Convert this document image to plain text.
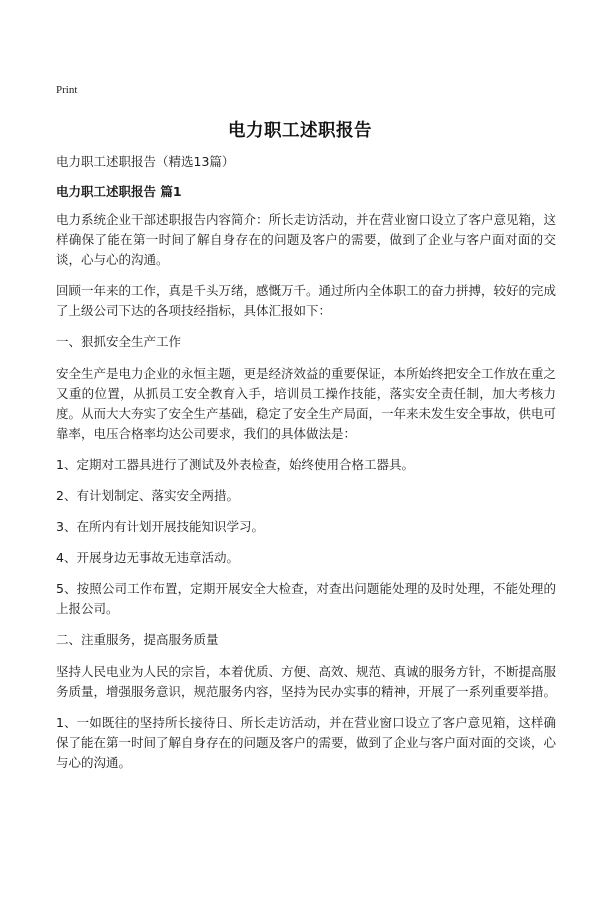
Print
电力职工述职报告
电力职工述职报告（精选13篇）
电力职工述职报告 篇1

电力系统企业干部述职报告内容简介：所长走访活动，并在营业窗口设立了客户意见箱，这样确保了能在第一时间了解自身存在的问题及客户的需要，做到了企业与客户面对面的交谈，心与心的沟通。

回顾一年来的工作，真是千头万绪，感慨万千。通过所内全体职工的奋力拼搏，较好的完成了上级公司下达的各项技经指标，具体汇报如下：

一、狠抓安全生产工作

安全生产是电力企业的永恒主题，更是经济效益的重要保证，本所始终把安全工作放在重之又重的位置，从抓员工安全教育入手，培训员工操作技能，落实安全责任制，加大考核力度。从而大大夯实了安全生产基础，稳定了安全生产局面，一年来未发生安全事故，供电可靠率，电压合格率均达公司要求，我们的具体做法是：

1、定期对工器具进行了测试及外表检查，始终使用合格工器具。

2、有计划制定、落实安全两措。

3、在所内有计划开展技能知识学习。

4、开展身边无事故无违章活动。

5、按照公司工作布置，定期开展安全大检查，对查出问题能处理的及时处理，不能处理的上报公司。

二、注重服务，提高服务质量

坚持人民电业为人民的宗旨，本着优质、方便、高效、规范、真诚的服务方针，不断提高服务质量，增强服务意识，规范服务内容，坚持为民办实事的精神，开展了一系列重要举措。

1、一如既往的坚持所长接待日、所长走访活动，并在营业窗口设立了客户意见箱，这样确保了能在第一时间了解自身存在的问题及客户的需要，做到了企业与客户面对面的交谈，心与心的沟通。
